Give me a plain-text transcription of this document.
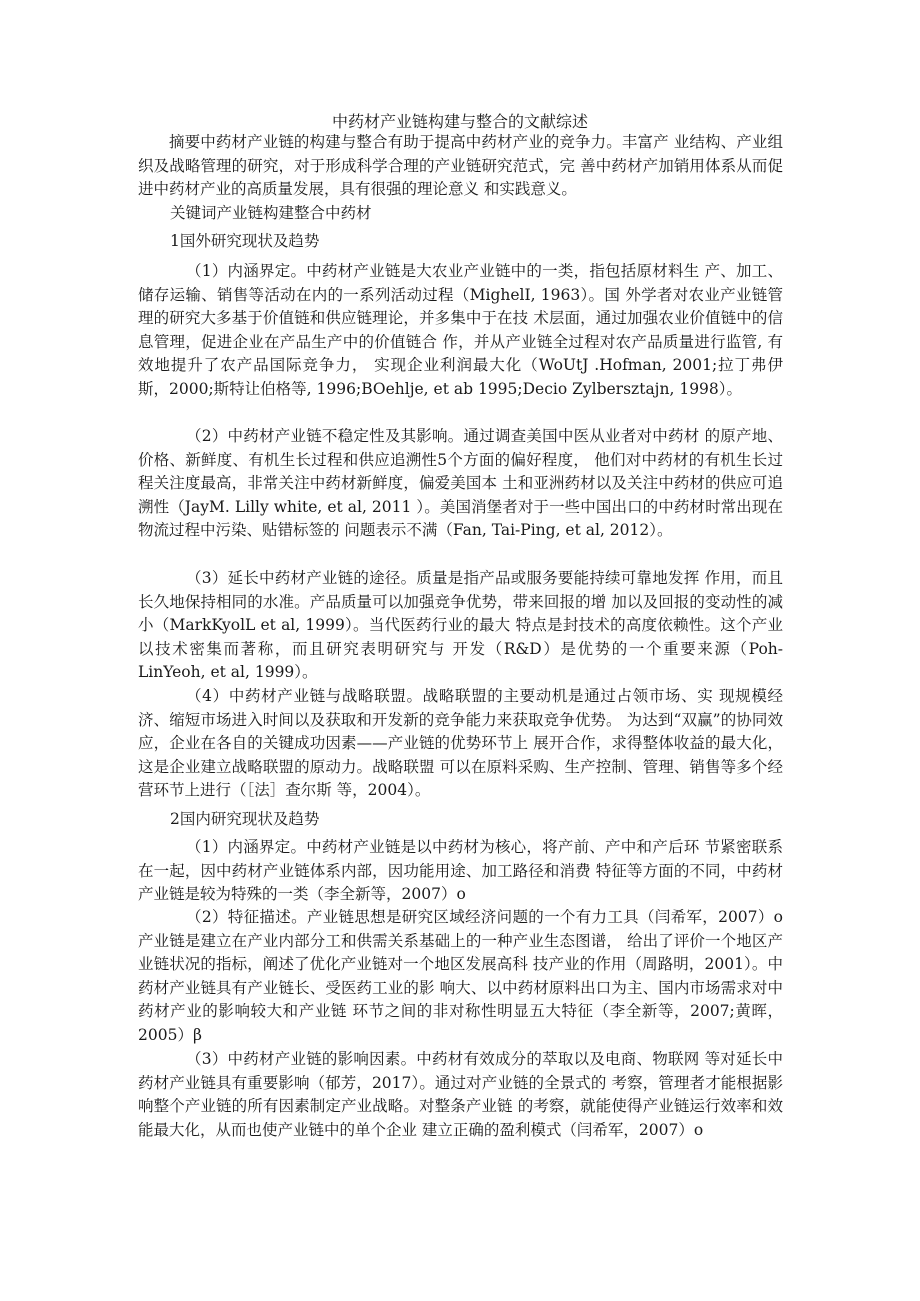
中药材产业链构建与整合的文献综述

摘要中药材产业链的构建与整合有助于提高中药材产业的竞争力。丰富产 业结构、产业组织及战略管理的研究，对于形成科学合理的产业链研究范式，完 善中药材产加销用体系从而促进中药材产业的高质量发展，具有很强的理论意义 和实践意义。

关键词产业链构建整合中药材

1国外研究现状及趋势

（1）内涵界定。中药材产业链是大农业产业链中的一类，指包括原材料生 产、加工、储存运输、销售等活动在内的一系列活动过程（MighelI, 1963）。国 外学者对农业产业链管理的研究大多基于价值链和供应链理论，并多集中于在技 术层面，通过加强农业价值链中的信息管理，促进企业在产品生产中的价值链合 作，并从产业链全过程对农产品质量进行监管, 有效地提升了农产品国际竞争力， 实现企业利润最大化（WoUtJ .Hofman, 2001;拉丁弗伊斯，2000;斯特让伯格等, 1996;BOehlje, et ab 1995;Decio Zylbersztajn, 1998）。

（2）中药材产业链不稳定性及其影响。通过调查美国中医从业者对中药材 的原产地、价格、新鲜度、有机生长过程和供应追溯性5个方面的偏好程度， 他们对中药材的有机生长过程关注度最高，非常关注中药材新鲜度，偏爱美国本 土和亚洲药材以及关注中药材的供应可追溯性（JayM. Lilly white, et al, 2011 ）。美国消堡者对于一些中国出口的中药材时常出现在物流过程中污染、贴错标签的 问题表示不满（Fan, Tai-Ping, et al, 2012）。

（3）延长中药材产业链的途径。质量是指产品或服务要能持续可靠地发挥 作用，而且长久地保持相同的水准。产品质量可以加强竞争优势，带来回报的增 加以及回报的变动性的减小（MarkKyolL et al, 1999）。当代医药行业的最大 特点是封技术的高度依赖性。这个产业以技术密集而著称，而且研究表明研究与 开发（R&D）是优势的一个重要来源（Poh-LinYeoh, et al, 1999）。

（4）中药材产业链与战略联盟。战略联盟的主要动机是通过占领市场、实 现规模经济、缩短市场进入时间以及获取和开发新的竞争能力来获取竞争优势。 为达到“双赢”的协同效应，企业在各自的关键成功因素——产业链的优势环节上 展开合作，求得整体收益的最大化，这是企业建立战略联盟的原动力。战略联盟 可以在原料采购、生产控制、管理、销售等多个经营环节上进行（［法］查尔斯 等，2004）。

2国内研究现状及趋势

（1）内涵界定。中药材产业链是以中药材为核心，将产前、产中和产后环 节紧密联系在一起，因中药材产业链体系内部，因功能用途、加工路径和消费 特征等方面的不同，中药材产业链是较为特殊的一类（李全新等，2007）o

（2）特征描述。产业链思想是研究区域经济问题的一个有力工具（闫希军，2007）o产业链是建立在产业内部分工和供需关系基础上的一种产业生态图谱， 给出了评价一个地区产业链状况的指标，阐述了优化产业链对一个地区发展高科 技产业的作用（周路明，2001）。中药材产业链具有产业链长、受医药工业的影 响大、以中药材原料出口为主、国内市场需求对中药材产业的影响较大和产业链 环节之间的非对称性明显五大特征（李全新等，2007;黄晖，2005）β

（3）中药材产业链的影响因素。中药材有效成分的萃取以及电商、物联网 等对延长中药材产业链具有重要影响（郁芳，2017）。通过对产业链的全景式的 考察，管理者才能根据影响整个产业链的所有因素制定产业战略。对整条产业链 的考察，就能使得产业链运行效率和效能最大化，从而也使产业链中的单个企业 建立正确的盈利模式（闫希军，2007）o
